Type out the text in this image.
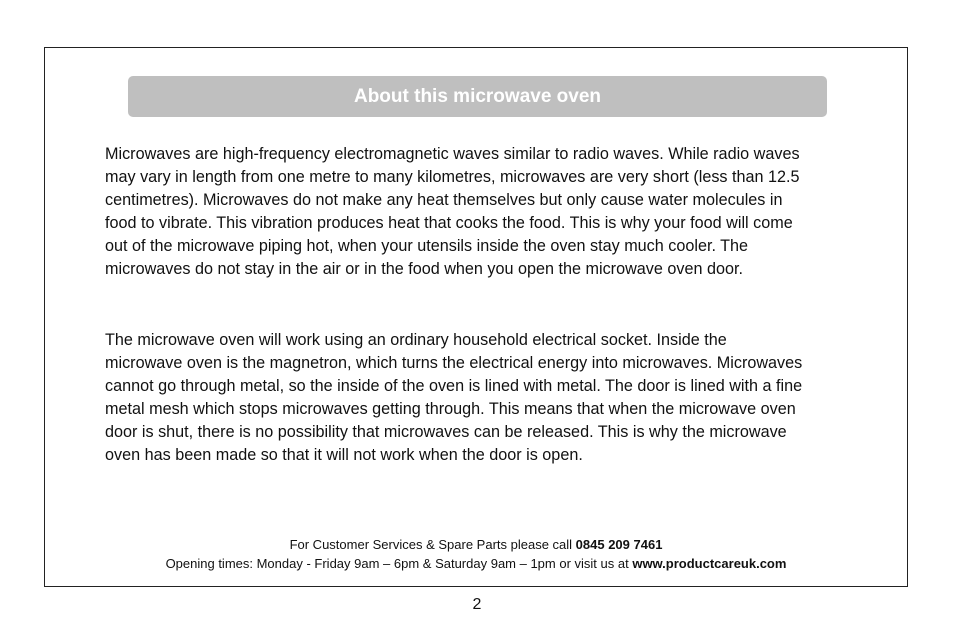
About this microwave oven

Microwaves are high-frequency electromagnetic waves similar to radio waves. While radio waves may vary in length from one metre to many kilometres, microwaves are very short (less than 12.5 centimetres). Microwaves do not make any heat themselves but only cause water molecules in food to vibrate. This vibration produces heat that cooks the food. This is why your food will come out of the microwave piping hot, when your utensils inside the oven stay much cooler. The microwaves do not stay in the air or in the food when you open the microwave oven door.

The microwave oven will work using an ordinary household electrical socket. Inside the microwave oven is the magnetron, which turns the electrical energy into microwaves. Microwaves cannot go through metal, so the inside of the oven is lined with metal. The door is lined with a fine metal mesh which stops microwaves getting through. This means that when the microwave oven door is shut, there is no possibility that microwaves can be released. This is why the microwave oven has been made so that it will not work when the door is open.

For Customer Services & Spare Parts please call 0845 209 7461
Opening times: Monday - Friday 9am – 6pm & Saturday 9am – 1pm or visit us at www.productcareuk.com
2
